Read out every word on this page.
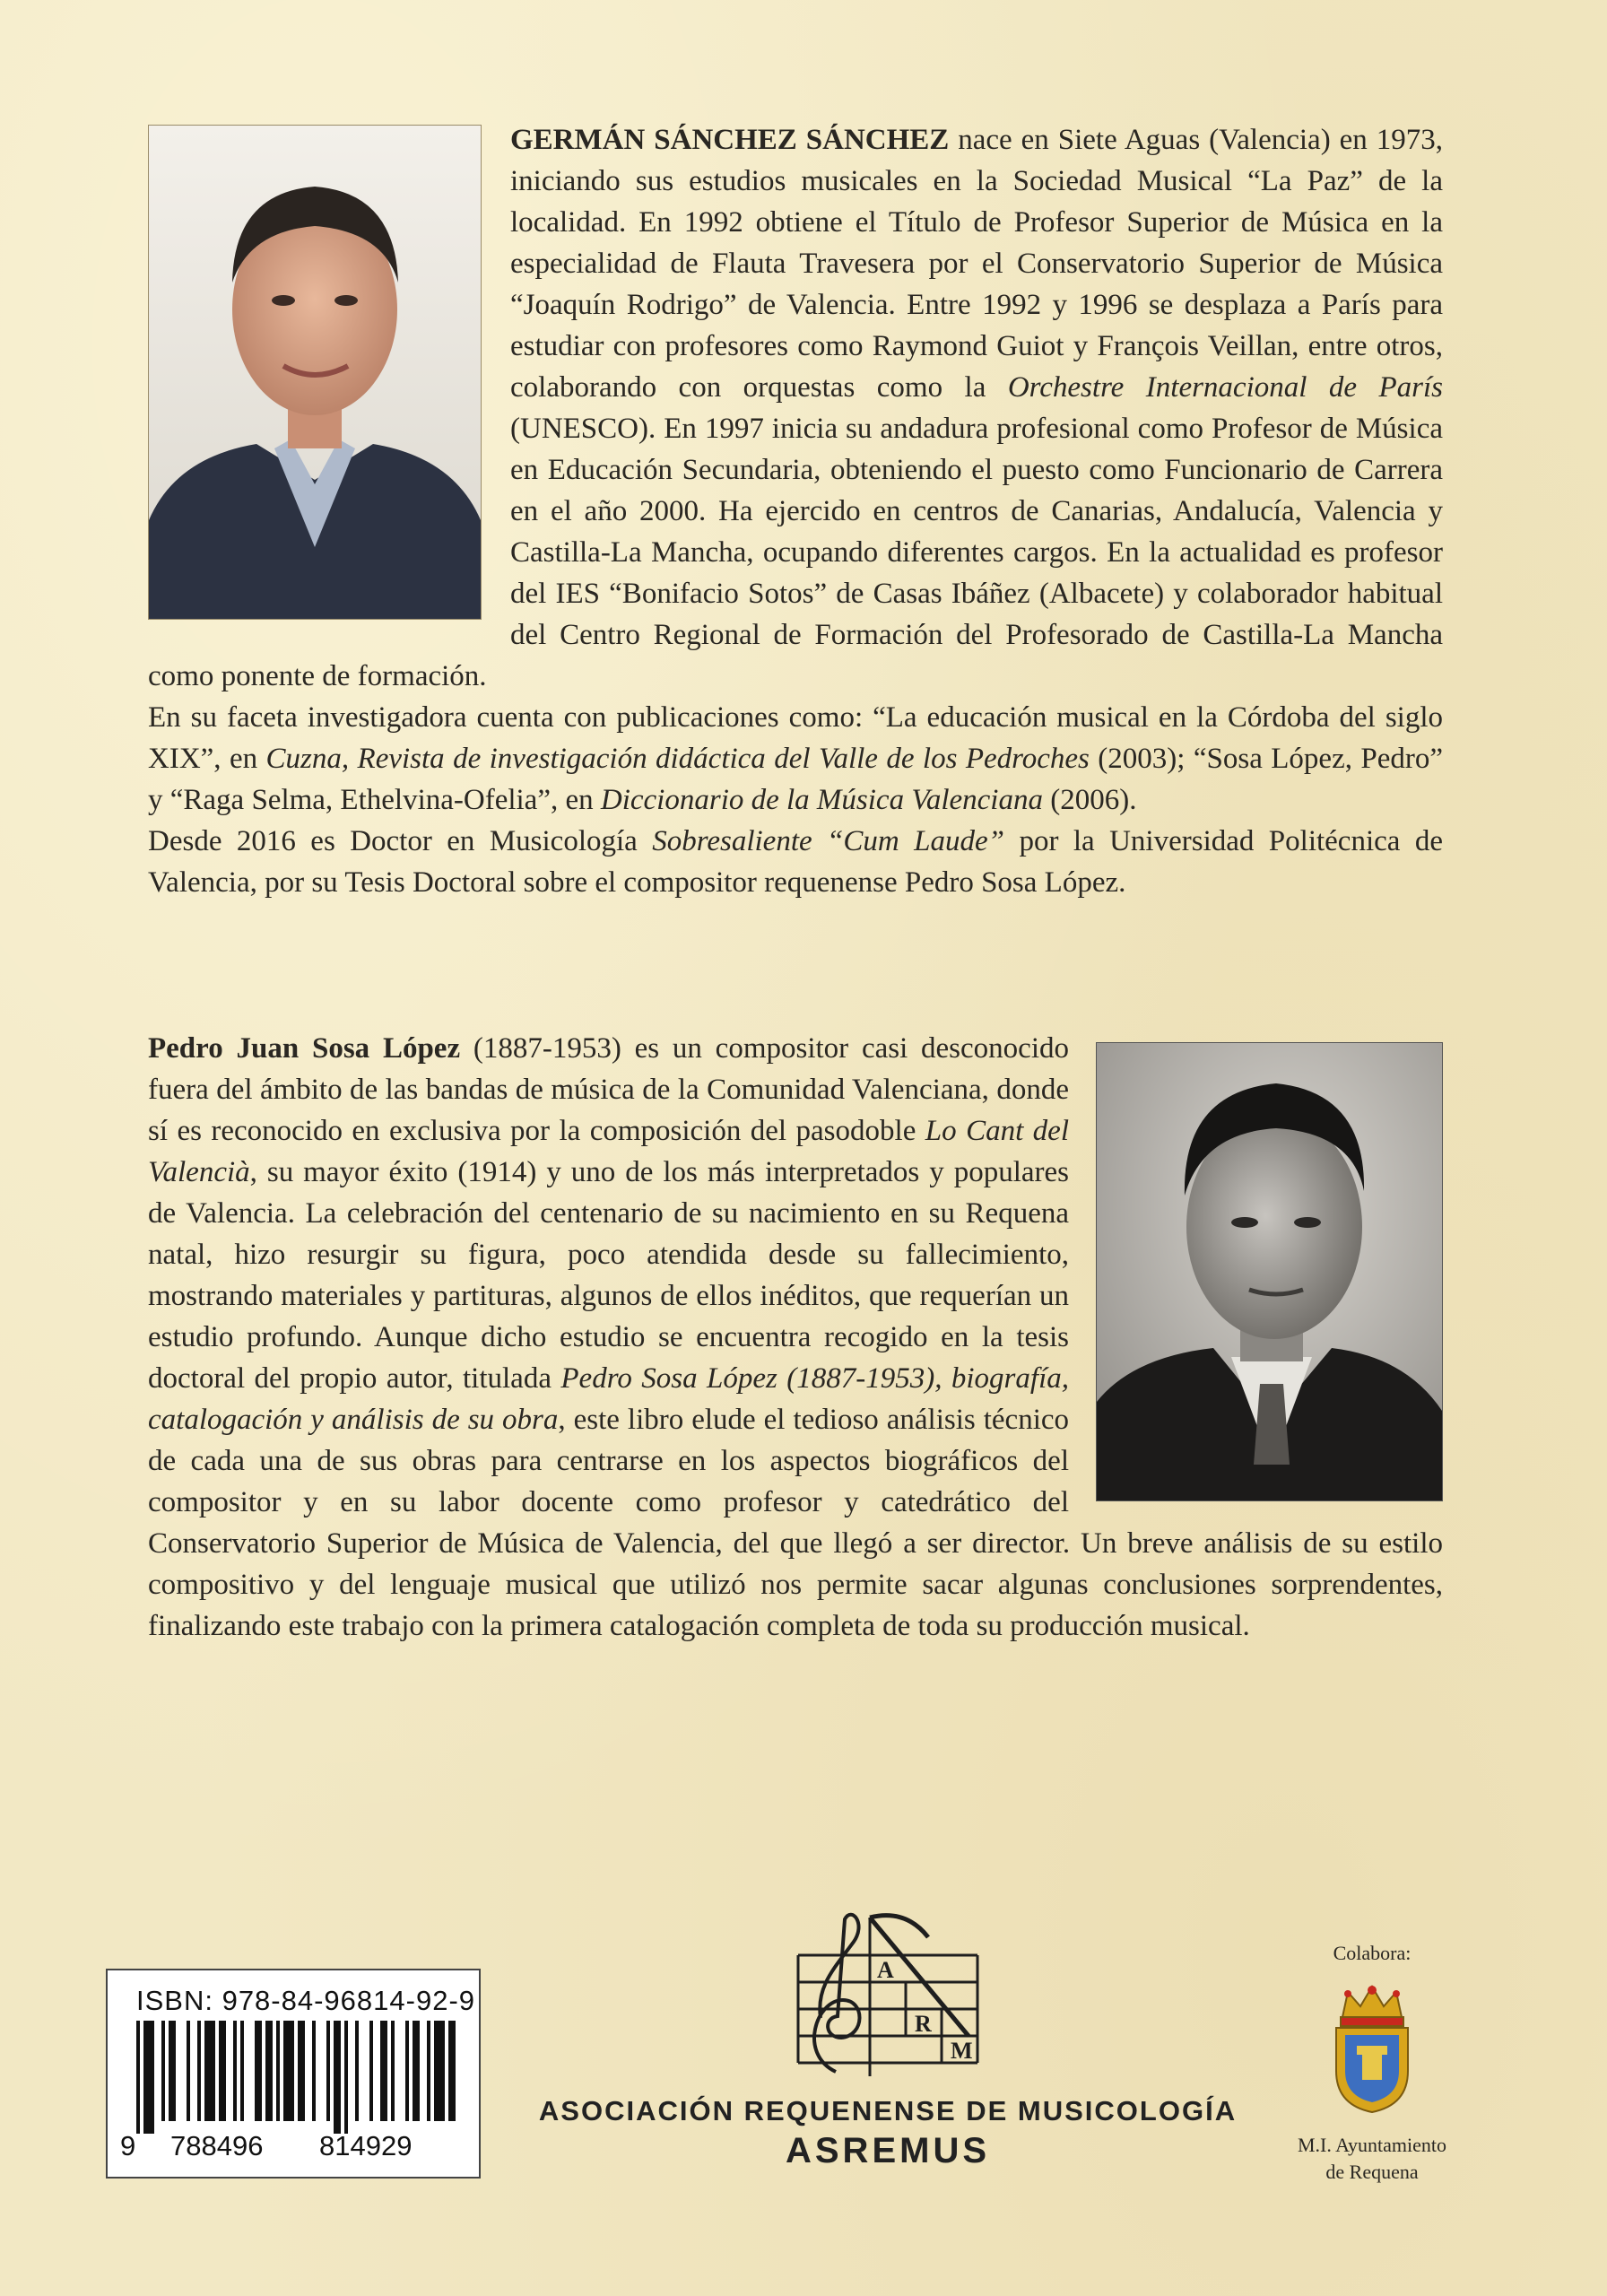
GERMÁN SÁNCHEZ SÁNCHEZ nace en Siete Aguas (Valencia) en 1973, iniciando sus estudios musicales en la Sociedad Musical “La Paz” de la localidad. En 1992 obtiene el Título de Profesor Superior de Música en la especialidad de Flauta Travesera por el Conservatorio Superior de Música “Joaquín Rodrigo” de Valencia. Entre 1992 y 1996 se desplaza a París para estudiar con profesores como Raymond Guiot y François Veillan, entre otros, colaborando con orquestas como la Orchestre Internacional de París (UNESCO). En 1997 inicia su andadura profesional como Profesor de Música en Educación Secundaria, obteniendo el puesto como Funcionario de Carrera en el año 2000. Ha ejercido en centros de Canarias, Andalucía, Valencia y Castilla-La Mancha, ocupando diferentes cargos. En la actualidad es profesor del IES “Bonifacio Sotos” de Casas Ibáñez (Albacete) y colaborador habitual del Centro Regional de Formación del Profesorado de Castilla-La Mancha como ponente de formación.

En su faceta investigadora cuenta con publicaciones como: “La educación musical en la Córdoba del siglo XIX”, en Cuzna, Revista de investigación didáctica del Valle de los Pedroches (2003); “Sosa López, Pedro” y “Raga Selma, Ethelvina-Ofelia”, en Diccionario de la Música Valenciana (2006).

Desde 2016 es Doctor en Musicología Sobresaliente “Cum Laude” por la Universidad Politécnica de Valencia, por su Tesis Doctoral sobre el compositor requenense Pedro Sosa López.

Pedro Juan Sosa López (1887-1953) es un compositor casi desconocido fuera del ámbito de las bandas de música de la Comunidad Valenciana, donde sí es reconocido en exclusiva por la composición del pasodoble Lo Cant del Valencià, su mayor éxito (1914) y uno de los más interpretados y populares de Valencia. La celebración del centenario de su nacimiento en su Requena natal, hizo resurgir su figura, poco atendida desde su fallecimiento, mostrando materiales y partituras, algunos de ellos inéditos, que requerían un estudio profundo. Aunque dicho estudio se encuentra recogido en la tesis doctoral del propio autor, titulada Pedro Sosa López (1887-1953), biografía, catalogación y análisis de su obra, este libro elude el tedioso análisis técnico de cada una de sus obras para centrarse en los aspectos biográficos del compositor y en su labor docente como profesor y catedrático del Conservatorio Superior de Música de Valencia, del que llegó a ser director. Un breve análisis de su estilo compositivo y del lenguaje musical que utilizó nos permite sacar algunas conclusiones sorprendentes, finalizando este trabajo con la primera catalogación completa de toda su producción musical.

ISBN: 978-84-96814-92-9
9 788496 814929
A
R
M
ASOCIACIÓN REQUENENSE DE MUSICOLOGÍA
ASREMUS
Colabora:
M.I. Ayuntamiento
de Requena
